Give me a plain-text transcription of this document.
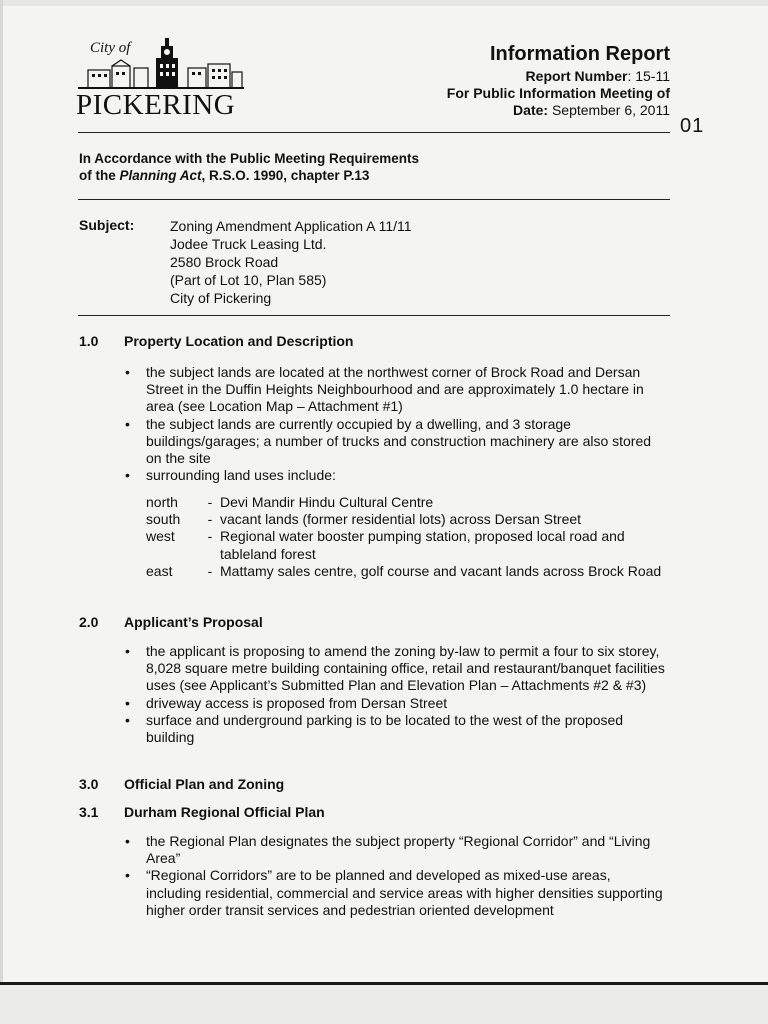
City of
PICKERING
Information Report
Report Number: 15-11
For Public Information Meeting of
Date: September 6, 2011
01
In Accordance with the Public Meeting Requirements
of the Planning Act, R.S.O. 1990, chapter P.13
Subject:	Zoning Amendment Application A 11/11
Jodee Truck Leasing Ltd.
2580 Brock Road
(Part of Lot 10, Plan 585)
City of Pickering
1.0 Property Location and Description
• the subject lands are located at the northwest corner of Brock Road and Dersan Street in the Duffin Heights Neighbourhood and are approximately 1.0 hectare in area (see Location Map – Attachment #1)
• the subject lands are currently occupied by a dwelling, and 3 storage buildings/garages; a number of trucks and construction machinery are also stored on the site
• surrounding land uses include:
north	- Devi Mandir Hindu Cultural Centre
south	- vacant lands (former residential lots) across Dersan Street
west	- Regional water booster pumping station, proposed local road and tableland forest
east	- Mattamy sales centre, golf course and vacant lands across Brock Road
2.0 Applicant’s Proposal
• the applicant is proposing to amend the zoning by-law to permit a four to six storey, 8,028 square metre building containing office, retail and restaurant/banquet facilities uses (see Applicant’s Submitted Plan and Elevation Plan – Attachments #2 & #3)
• driveway access is proposed from Dersan Street
• surface and underground parking is to be located to the west of the proposed building
3.0 Official Plan and Zoning
3.1 Durham Regional Official Plan
• the Regional Plan designates the subject property “Regional Corridor” and “Living Area”
• “Regional Corridors” are to be planned and developed as mixed-use areas, including residential, commercial and service areas with higher densities supporting higher order transit services and pedestrian oriented development
